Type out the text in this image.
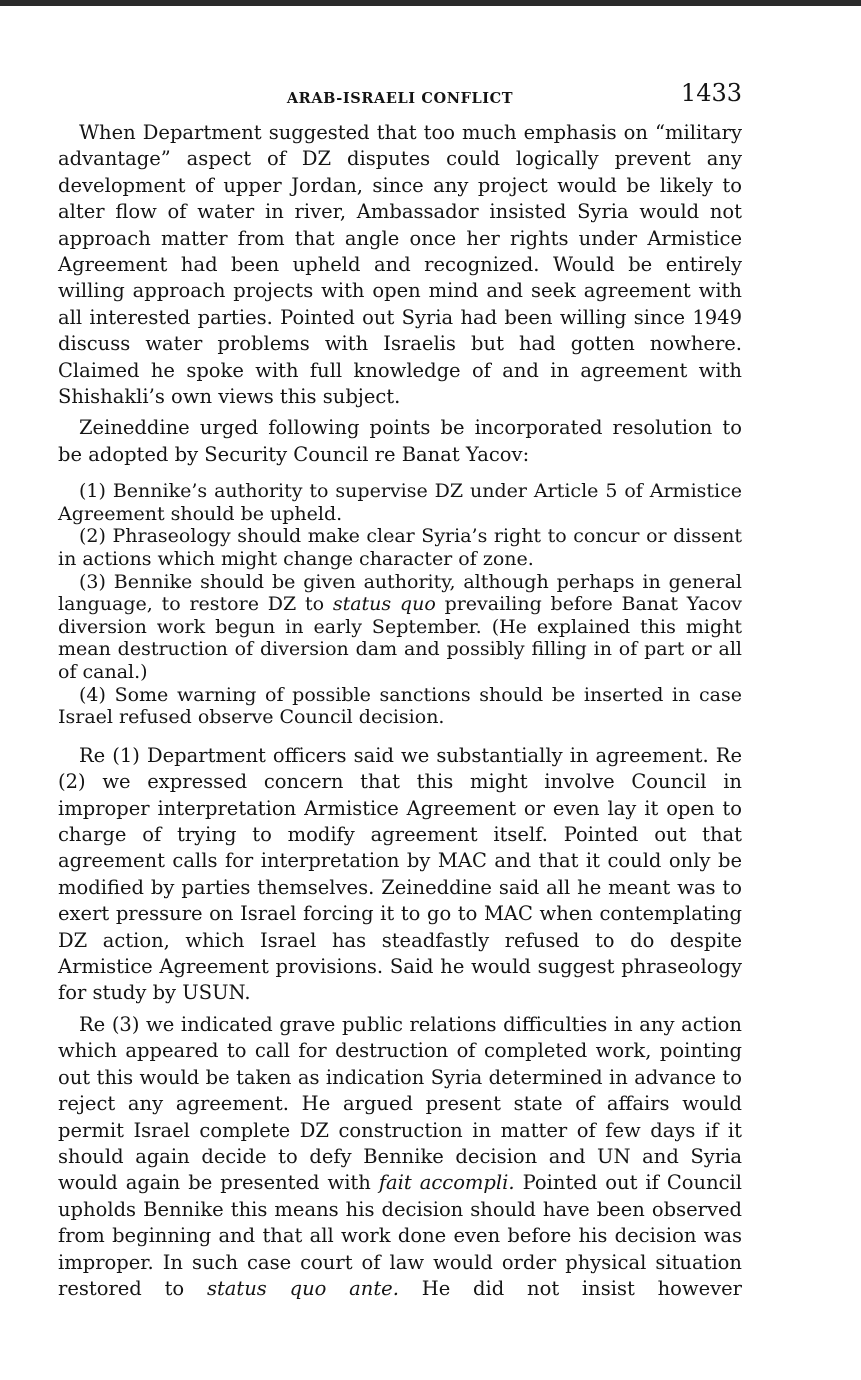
ARAB-ISRAELI CONFLICT	1433

When Department suggested that too much emphasis on “military advantage” aspect of DZ disputes could logically prevent any development of upper Jordan, since any project would be likely to alter flow of water in river, Ambassador insisted Syria would not approach matter from that angle once her rights under Armistice Agreement had been upheld and recognized. Would be entirely willing approach projects with open mind and seek agreement with all interested parties. Pointed out Syria had been willing since 1949 discuss water problems with Israelis but had gotten nowhere. Claimed he spoke with full knowledge of and in agreement with Shishakli’s own views this subject.

Zeineddine urged following points be incorporated resolution to be adopted by Security Council re Banat Yacov:

(1) Bennike’s authority to supervise DZ under Article 5 of Armistice Agreement should be upheld.

(2) Phraseology should make clear Syria’s right to concur or dissent in actions which might change character of zone.

(3) Bennike should be given authority, although perhaps in general language, to restore DZ to status quo prevailing before Banat Yacov diversion work begun in early September. (He explained this might mean destruction of diversion dam and possibly filling in of part or all of canal.)

(4) Some warning of possible sanctions should be inserted in case Israel refused observe Council decision.

Re (1) Department officers said we substantially in agreement. Re (2) we expressed concern that this might involve Council in improper interpretation Armistice Agreement or even lay it open to charge of trying to modify agreement itself. Pointed out that agreement calls for interpretation by MAC and that it could only be modified by parties themselves. Zeineddine said all he meant was to exert pressure on Israel forcing it to go to MAC when contemplating DZ action, which Israel has steadfastly refused to do despite Armistice Agreement provisions. Said he would suggest phraseology for study by USUN.

Re (3) we indicated grave public relations difficulties in any action which appeared to call for destruction of completed work, pointing out this would be taken as indication Syria determined in advance to reject any agreement. He argued present state of affairs would permit Israel complete DZ construction in matter of few days if it should again decide to defy Bennike decision and UN and Syria would again be presented with fait accompli. Pointed out if Council upholds Bennike this means his decision should have been observed from beginning and that all work done even before his decision was improper. In such case court of law would order physical situation restored to status quo ante. He did not insist however
